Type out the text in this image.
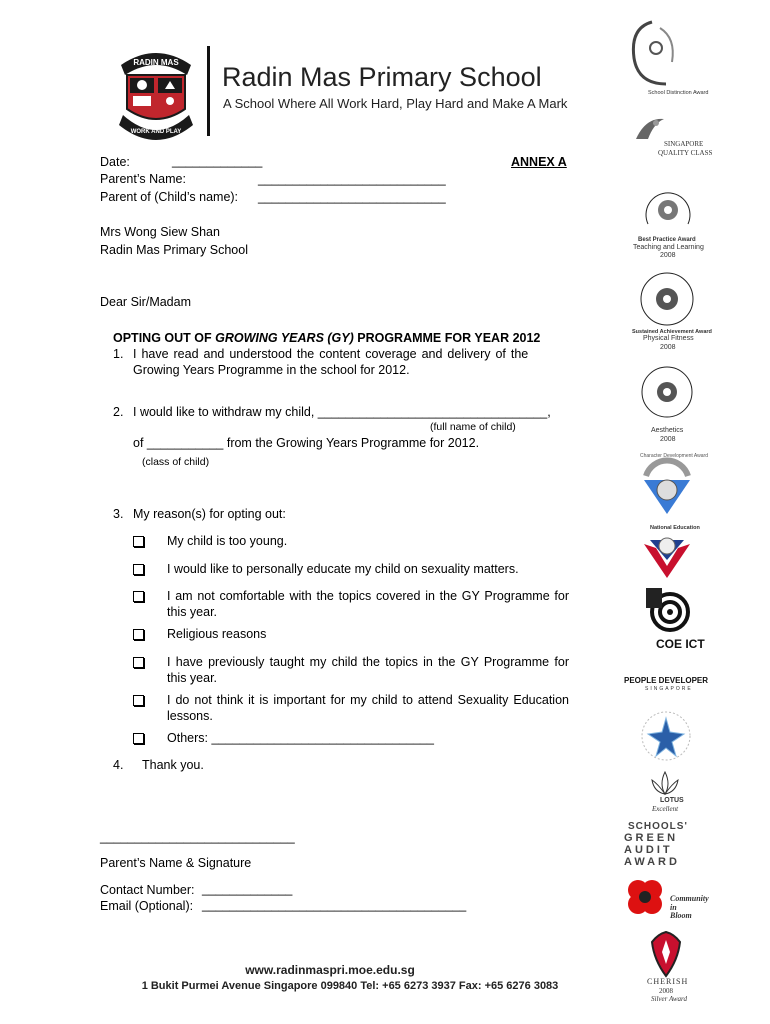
RADIN MAS
WORK AND PLAY
Radin Mas Primary School
A School Where All Work Hard, Play Hard and Make A Mark
Date:	_____________	ANNEX A
Parent’s Name:	___________________________
Parent of (Child’s name): ___________________________
Mrs Wong Siew Shan
Radin Mas Primary School
Dear Sir/Madam
OPTING OUT OF GROWING YEARS (GY) PROGRAMME FOR YEAR 2012
1. I have read and understood the content coverage and delivery of the
Growing Years Programme in the school for 2012.
2. I would like to withdraw my child, _________________________________,
(full name of child)
of ___________ from the Growing Years Programme for 2012.
(class of child)
3. My reason(s) for opting out:
My child is too young.
I would like to personally educate my child on sexuality matters.
I am not comfortable with the topics covered in the GY Programme for this year.
Religious reasons
I have previously taught my child the topics in the GY Programme for this year.
I do not think it is important for my child to attend Sexuality Education lessons.
Others: ________________________________
4. Thank you.
____________________________
Parent’s Name & Signature
Contact Number: _____________
Email (Optional): ______________________________________
www.radinmaspri.moe.edu.sg
1 Bukit Purmei Avenue Singapore 099840 Tel: +65 6273 3937 Fax: +65 6276 3083
School Distinction Award
SINGAPORE
QUALITY CLASS
Best Practice Award
Teaching and Learning
2008
Sustained Achievement Award
Physical Fitness
2008
Aesthetics
2008
Character Development Award
National Education
COE ICT
PEOPLE DEVELOPER
SINGAPORE
LOTUS
Excellent
SCHOOLS'
GREEN
AUDIT
AWARD
Community
in
Bloom
CHERISH
2008
Silver Award
